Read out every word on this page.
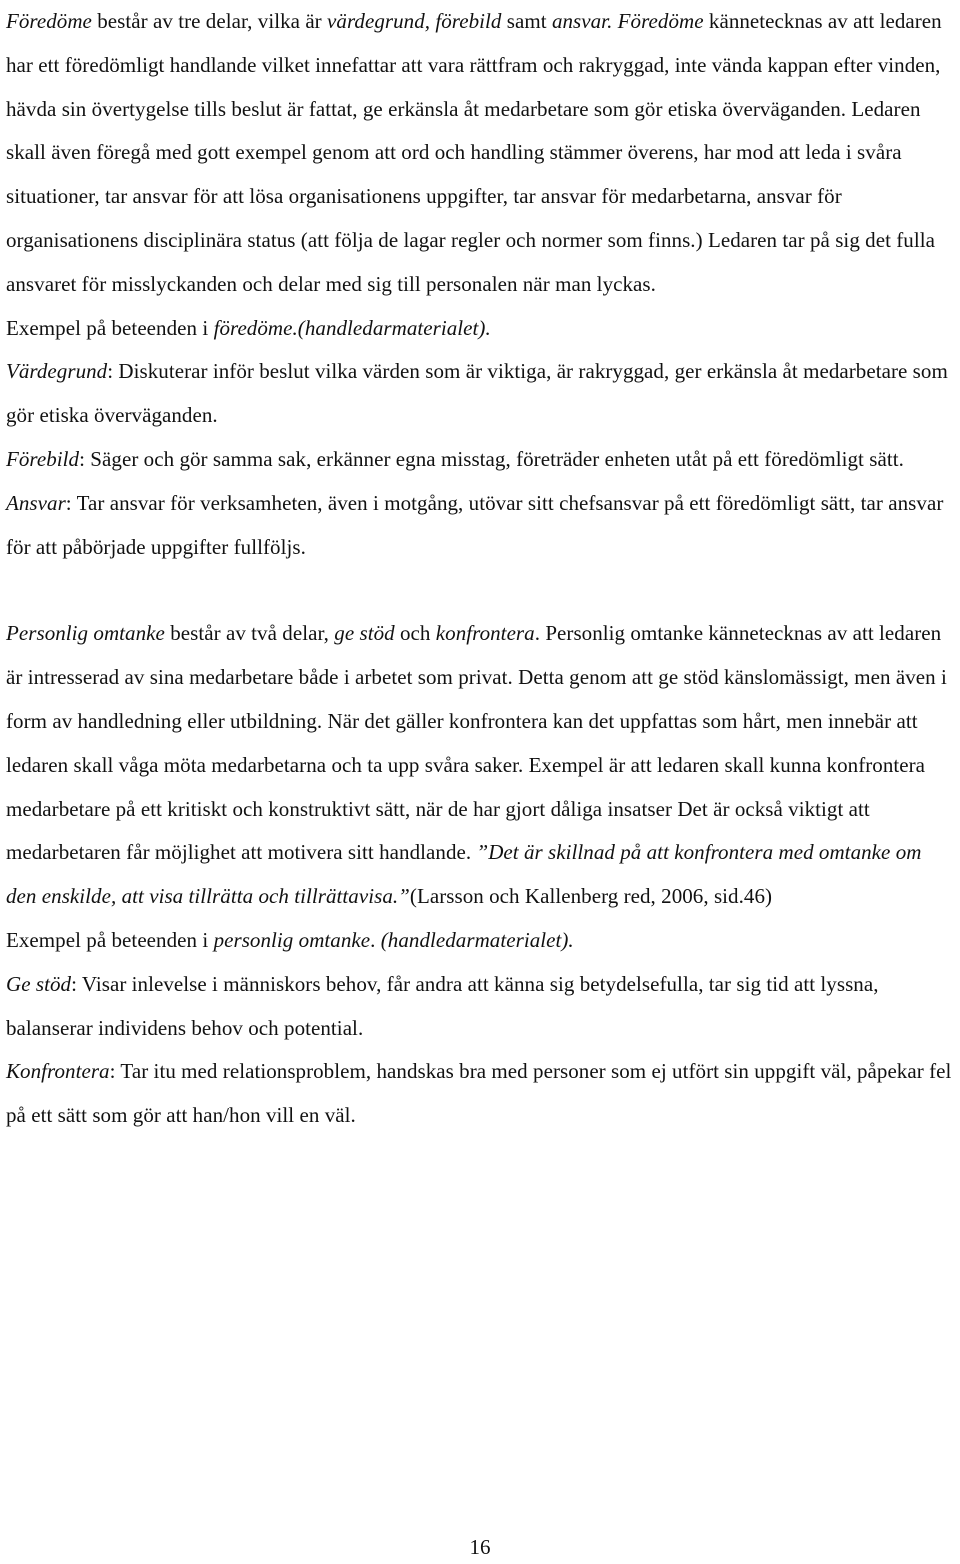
Föredöme består av tre delar, vilka är värdegrund, förebild samt ansvar. Föredöme kännetecknas av att ledaren har ett föredömligt handlande vilket innefattar att vara rättfram och rakryggad, inte vända kappan efter vinden, hävda sin övertygelse tills beslut är fattat, ge erkänsla åt medarbetare som gör etiska överväganden. Ledaren skall även föregå med gott exempel genom att ord och handling stämmer överens, har mod att leda i svåra situationer, tar ansvar för att lösa organisationens uppgifter, tar ansvar för medarbetarna, ansvar för organisationens disciplinära status (att följa de lagar regler och normer som finns.) Ledaren tar på sig det fulla ansvaret för misslyckanden och delar med sig till personalen när man lyckas.

Exempel på beteenden i föredöme.(handledarmaterialet).

Värdegrund: Diskuterar inför beslut vilka värden som är viktiga, är rakryggad, ger erkänsla åt medarbetare som gör etiska överväganden.

Förebild: Säger och gör samma sak, erkänner egna misstag, företräder enheten utåt på ett föredömligt sätt.

Ansvar: Tar ansvar för verksamheten, även i motgång, utövar sitt chefsansvar på ett föredömligt sätt, tar ansvar för att påbörjade uppgifter fullföljs.

Personlig omtanke består av två delar, ge stöd och konfrontera. Personlig omtanke kännetecknas av att ledaren är intresserad av sina medarbetare både i arbetet som privat. Detta genom att ge stöd känslomässigt, men även i form av handledning eller utbildning. När det gäller konfrontera kan det uppfattas som hårt, men innebär att ledaren skall våga möta medarbetarna och ta upp svåra saker. Exempel är att ledaren skall kunna konfrontera medarbetare på ett kritiskt och konstruktivt sätt, när de har gjort dåliga insatser Det är också viktigt att medarbetaren får möjlighet att motivera sitt handlande. ”Det är skillnad på att konfrontera med omtanke om den enskilde, att visa tillrätta och tillrättavisa.”(Larsson och Kallenberg red, 2006, sid.46)

Exempel på beteenden i personlig omtanke. (handledarmaterialet).

Ge stöd: Visar inlevelse i människors behov, får andra att känna sig betydelsefulla, tar sig tid att lyssna, balanserar individens behov och potential.

Konfrontera: Tar itu med relationsproblem, handskas bra med personer som ej utfört sin uppgift väl, påpekar fel på ett sätt som gör att han/hon vill en väl.

16
